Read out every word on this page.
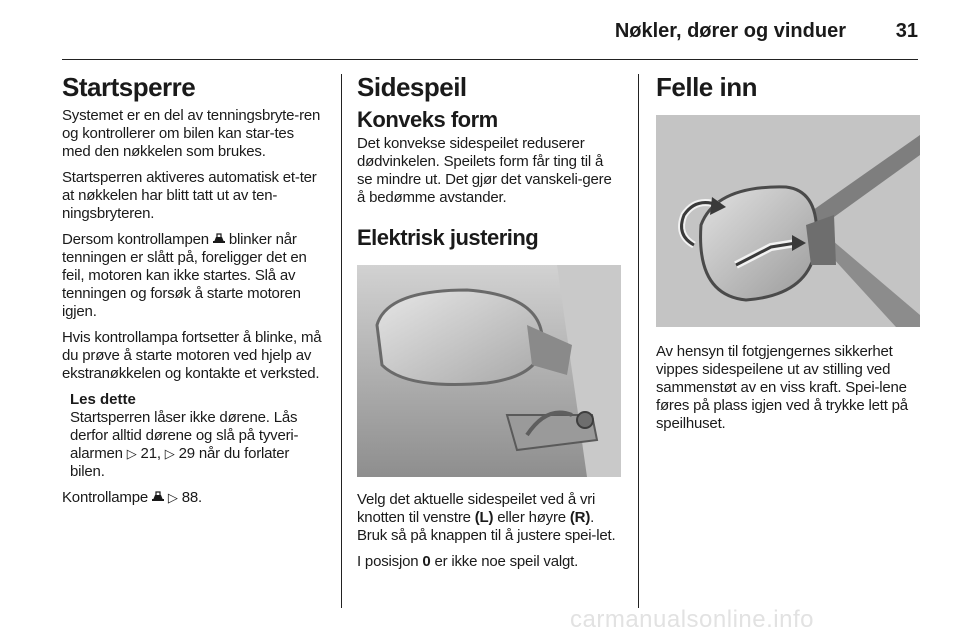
Nøkler, dører og vinduer 31
Startsperre

Systemet er en del av tenningsbryte-ren og kontrollerer om bilen kan star-tes med den nøkkelen som brukes.

Startsperren aktiveres automatisk et-ter at nøkkelen har blitt tatt ut av ten-ningsbryteren.

Dersom kontrollampen blinker når tenningen er slått på, foreligger det en feil, motoren kan ikke startes. Slå av tenningen og forsøk å starte motoren igjen.

Hvis kontrollampa fortsetter å blinke, må du prøve å starte motoren ved hjelp av ekstranøkkelen og kontakte et verksted.

Les dette

Startsperren låser ikke dørene. Lås derfor alltid dørene og slå på tyveri-alarmen ▷ 21, ▷ 29 når du forlater bilen.

Kontrollampe ▷ 88.

Sidespeil
Konveks form

Det konvekse sidespeilet reduserer dødvinkelen. Speilets form får ting til å se mindre ut. Det gjør det vanskeli-gere å bedømme avstander.

Elektrisk justering

Velg det aktuelle sidespeilet ved å vri knotten til venstre (L) eller høyre (R). Bruk så på knappen til å justere spei-let.

I posisjon 0 er ikke noe speil valgt.

Felle inn

Av hensyn til fotgjengernes sikkerhet vippes sidespeilene ut av stilling ved sammenstøt av en viss kraft. Spei-lene føres på plass igjen ved å trykke lett på speilhuset.

carmanualsonline.info
